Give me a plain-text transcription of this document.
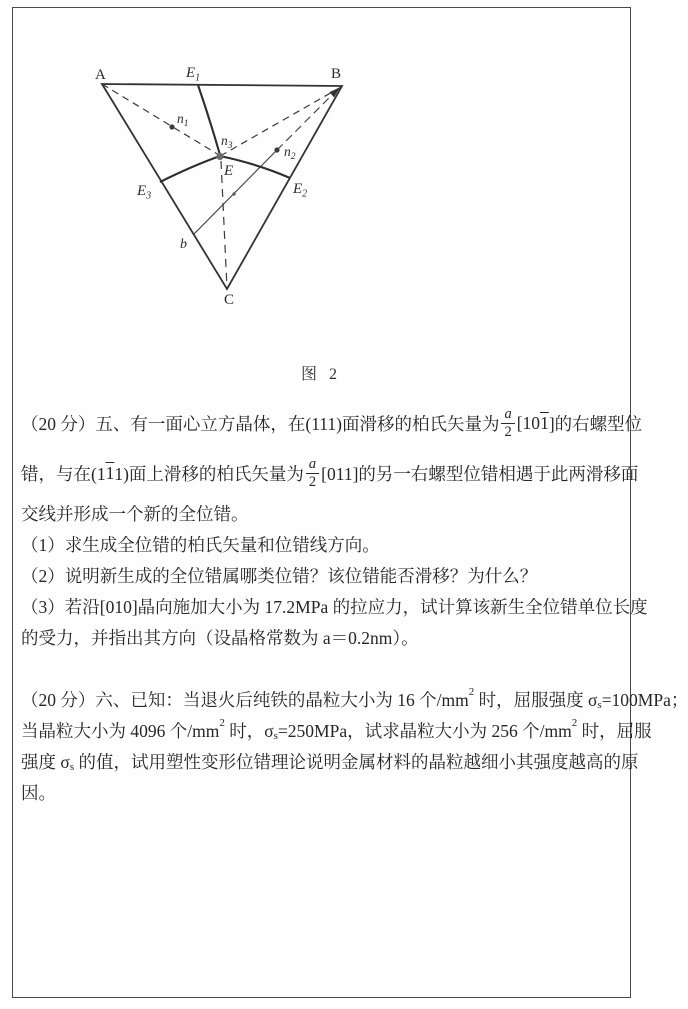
A	B
C
$E_1$
$E_3$	$E_2$
$n_1$
$n_2$
$n_3$
E
b
图 2
（20 分）五、有一面心立方晶体，在(111)面滑移的柏氏矢量为 $\frac{a}{2} [10$ 1 ]的右螺型位
错，与在(1 1 1)面上滑移的柏氏矢量为 $\frac{a}{2} [011]$的另一右螺型位错相遇于此两滑移面
交线并形成一个新的全位错。
（1）求生成全位错的柏氏矢量和位错线方向。
（2）说明新生成的全位错属哪类位错？该位错能否滑移？为什么？
（3）若沿[010]晶向施加大小为 17.2MPa 的拉应力，试计算该新生全位错单位长度
的受力，并指出其方向（设晶格常数为 a＝0.2nm）。
（20 分）六、已知：当退火后纯铁的晶粒大小为 16 个$/mm^2$ 时，屈服强度 $\sigma_s =100MPa$；
当晶粒大小为 4096 个$/mm^2$ 时，$\sigma_s =250MPa$，试求晶粒大小为 256 个$/mm^2$ 时，屈服
强度 $\sigma_s$ 的值，试用塑性变形位错理论说明金属材料的晶粒越细小其强度越高的原
因。
